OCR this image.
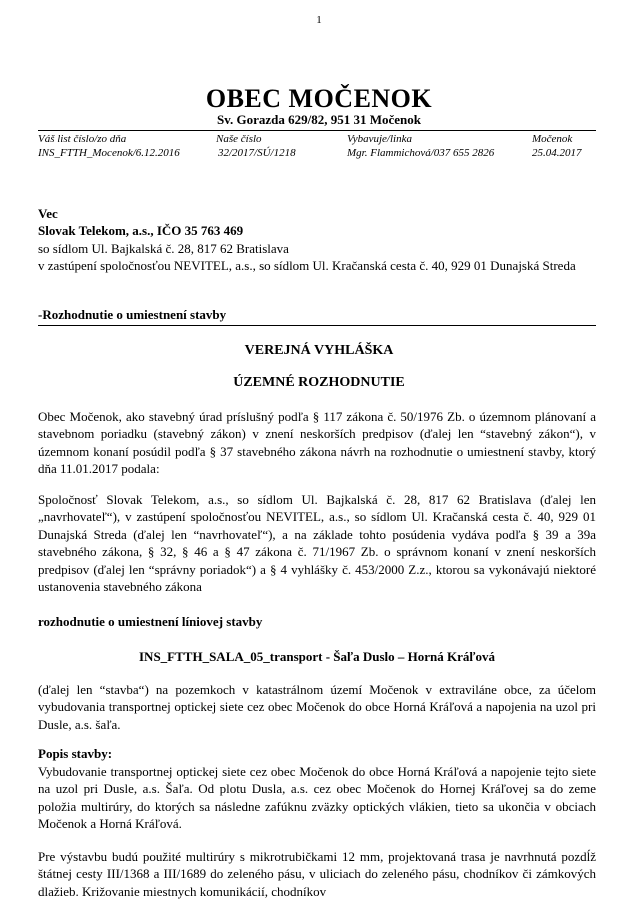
1
OBEC MOČENOK
Sv. Gorazda 629/82, 951 31 Močenok
Váš list číslo/zo dňa
INS_FTTH_Mocenok/6.12.2016
Naše číslo
32/2017/SÚ/1218
Vybavuje/linka
Mgr. Flammichová/037 655 2826
Močenok
25.04.2017

Vec

Slovak Telekom, a.s., IČO 35 763 469

so sídlom Ul. Bajkalská č. 28, 817 62 Bratislava

v zastúpení spoločnosťou NEVITEL, a.s., so sídlom Ul. Kračanská cesta č. 40, 929 01 Dunajská Streda

-Rozhodnutie o umiestnení stavby
VEREJNÁ VYHLÁŠKA
ÚZEMNÉ ROZHODNUTIE
Obec Močenok, ako stavebný úrad príslušný podľa § 117 zákona č. 50/1976 Zb. o územnom plánovaní a stavebnom poriadku (stavebný zákon) v znení neskorších predpisov (ďalej len “stavebný zákon“), v územnom konaní posúdil podľa § 37 stavebného zákona návrh na rozhodnutie o umiestnení stavby, ktorý dňa 11.01.2017 podala:
Spoločnosť Slovak Telekom, a.s., so sídlom Ul. Bajkalská č. 28, 817 62 Bratislava (ďalej len „navrhovateľ“), v zastúpení spoločnosťou NEVITEL, a.s., so sídlom Ul. Kračanská cesta č. 40, 929 01 Dunajská Streda (ďalej len “navrhovateľ“), a na základe tohto posúdenia vydáva podľa § 39 a 39a stavebného zákona, § 32, § 46 a § 47 zákona č. 71/1967 Zb. o správnom konaní v znení neskorších predpisov (ďalej len “správny poriadok“) a § 4 vyhlášky č. 453/2000 Z.z., ktorou sa vykonávajú niektoré ustanovenia stavebného zákona
rozhodnutie o umiestnení líniovej stavby
INS_FTTH_SALA_05_transport - Šaľa Duslo – Horná Kráľová
(ďalej len “stavba“) na pozemkoch v katastrálnom území Močenok v extraviláne obce, za účelom vybudovania transportnej optickej siete cez obec Močenok do obce Horná Kráľová a napojenia na uzol pri Dusle, a.s. šaľa.
Popis stavby:
Vybudovanie transportnej optickej siete cez obec Močenok do obce Horná Kráľová a napojenie tejto siete na uzol pri Dusle, a.s. Šaľa. Od plotu Dusla, a.s. cez obec Močenok do Hornej Kráľovej sa do zeme položia multirúry, do ktorých sa následne zafúknu zväzky optických vlákien, tieto sa ukončia v obciach Močenok a Horná Kráľová.
Pre výstavbu budú použité multirúry s mikrotrubičkami 12 mm, projektovaná trasa je navrhnutá pozdĺž štátnej cesty III/1368 a III/1689 do zeleného pásu, v uliciach do zeleného pásu, chodníkov či zámkových dlažieb. Križovanie miestnych komunikácií, chodníkov
